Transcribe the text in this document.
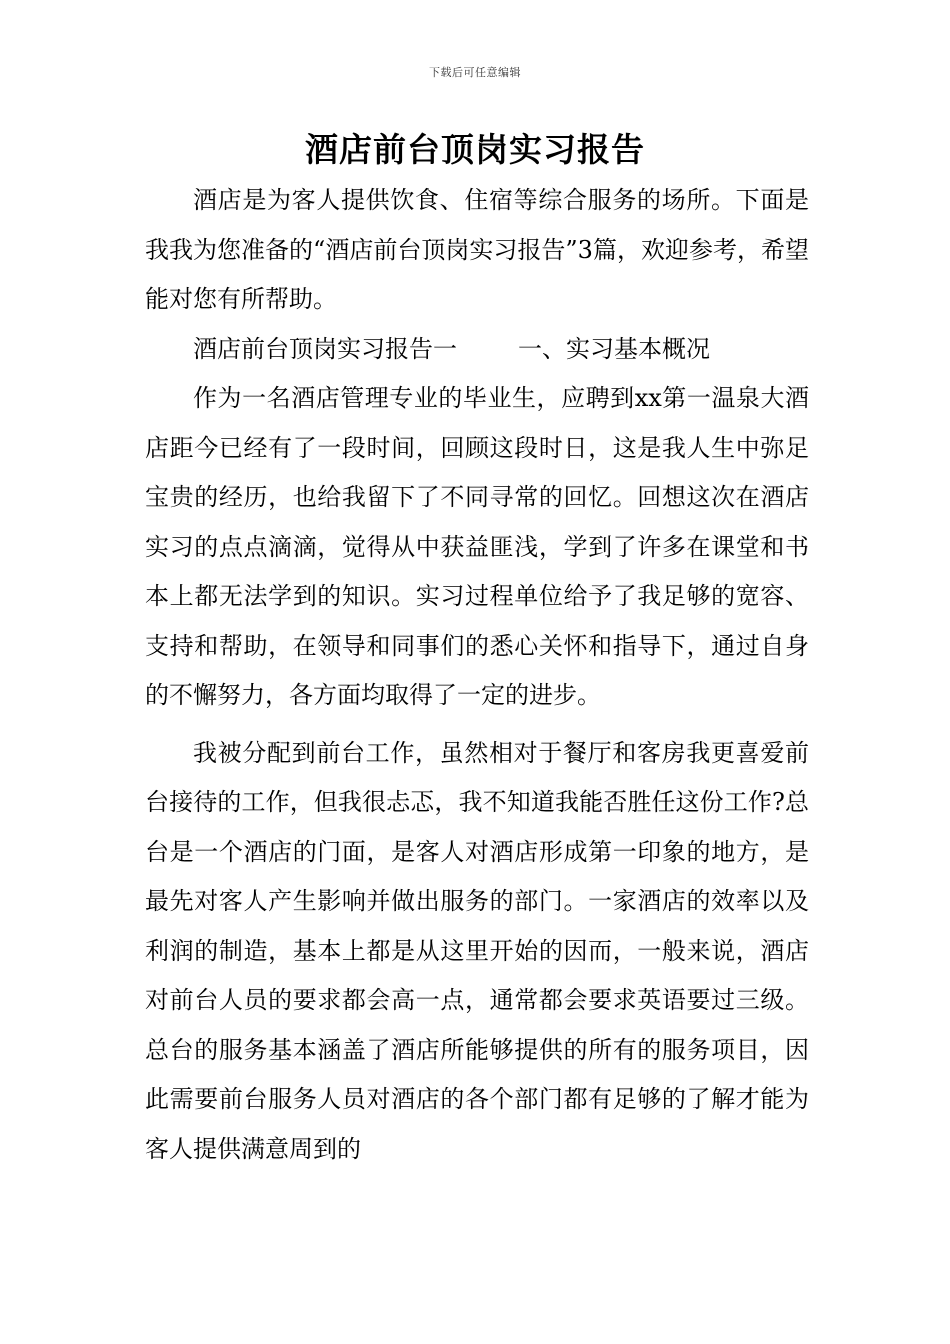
下载后可任意编辑
酒店前台顶岗实习报告

酒店是为客人提供饮食、住宿等综合服务的场所。下面是我我为您准备的“酒店前台顶岗实习报告”3篇，欢迎参考，希望能对您有所帮助。

酒店前台顶岗实习报告一        一、实习基本概况

作为一名酒店管理专业的毕业生，应聘到xx第一温泉大酒店距今已经有了一段时间，回顾这段时日，这是我人生中弥足宝贵的经历，也给我留下了不同寻常的回忆。回想这次在酒店实习的点点滴滴，觉得从中获益匪浅，学到了许多在课堂和书本上都无法学到的知识。实习过程单位给予了我足够的宽容、支持和帮助，在领导和同事们的悉心关怀和指导下，通过自身的不懈努力，各方面均取得了一定的进步。

我被分配到前台工作，虽然相对于餐厅和客房我更喜爱前台接待的工作，但我很忐忑，我不知道我能否胜任这份工作?总台是一个酒店的门面，是客人对酒店形成第一印象的地方，是最先对客人产生影响并做出服务的部门。一家酒店的效率以及利润的制造，基本上都是从这里开始的因而，一般来说，酒店对前台人员的要求都会高一点，通常都会要求英语要过三级。总台的服务基本涵盖了酒店所能够提供的所有的服务项目，因此需要前台服务人员对酒店的各个部门都有足够的了解才能为客人提供满意周到的
